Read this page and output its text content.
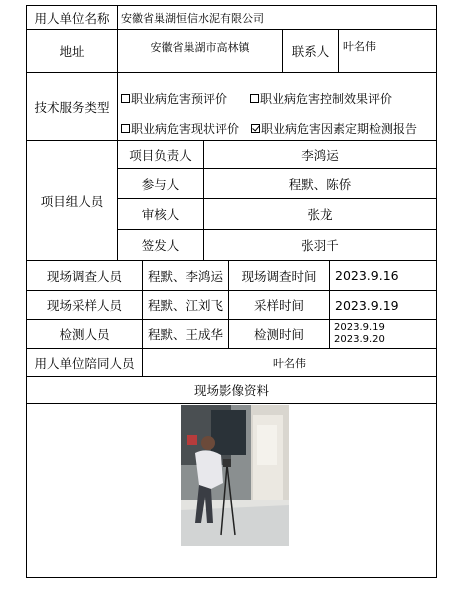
用人单位名称	安徽省巢湖恒信水泥有限公司
地址	安徽省巢湖市高林镇	联系人	叶名伟
技术服务类型
职业病危害预评价	职业病危害控制效果评价
职业病危害现状评价 职业病危害因素定期检测报告
项目组人员
项目负责人	李鸿运
参与人	程默、陈侨
审核人	张龙
签发人	张羽千
现场调查人员	程默、李鸿运	现场调查时间	2023.9.16
现场采样人员	程默、江刘飞	采样时间	2023.9.19
检测人员	程默、王成华	检测时间	2023.9.19
2023.9.20
用人单位陪同人员	叶名伟
现场影像资料
